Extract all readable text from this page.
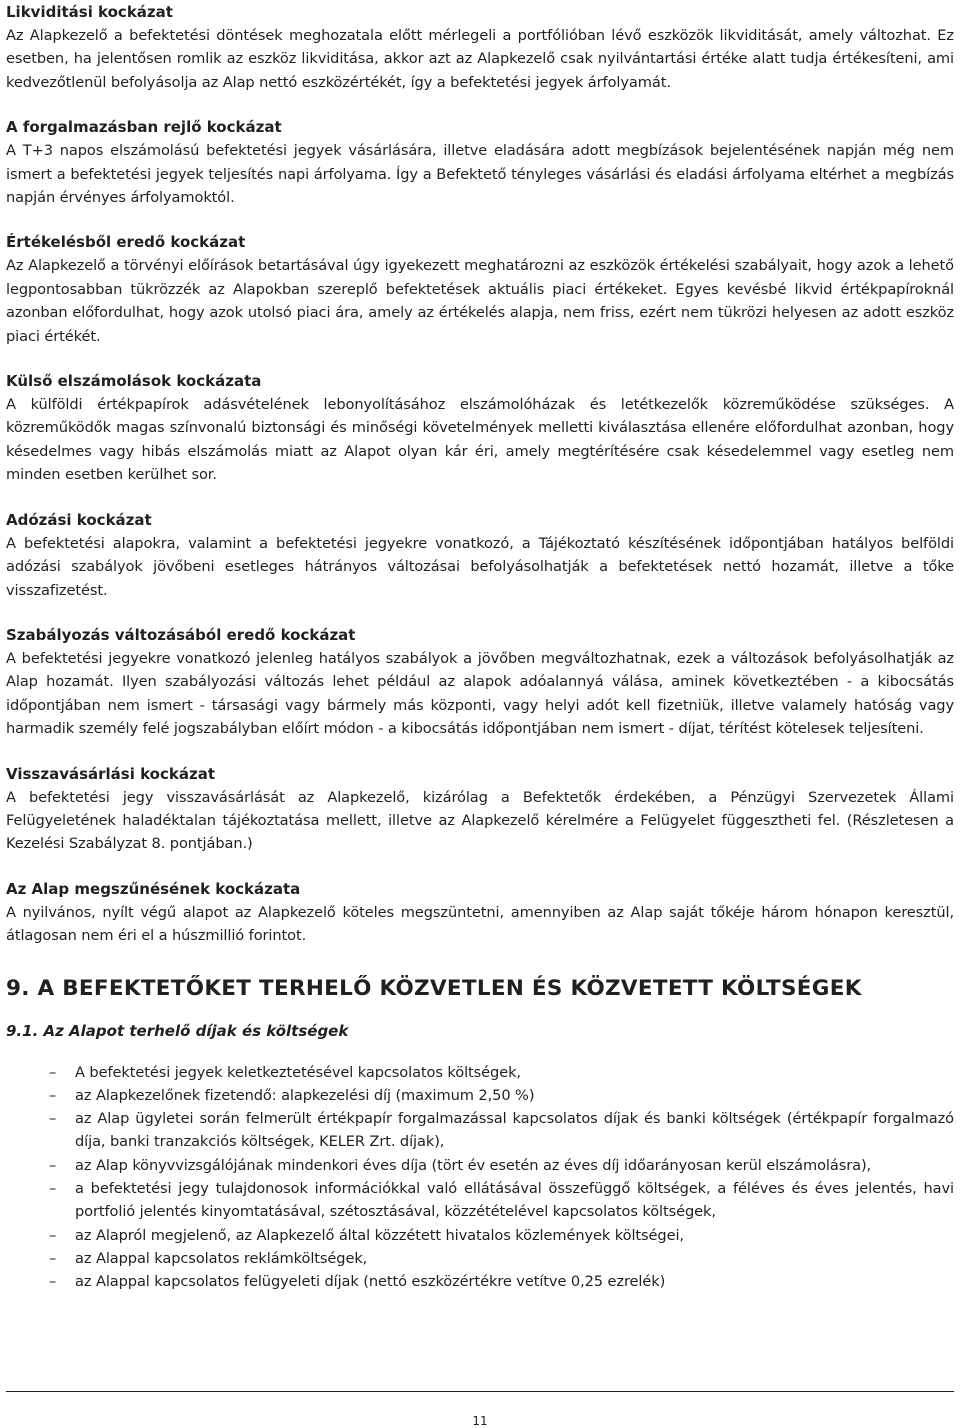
Likviditási kockázat

Az Alapkezelő a befektetési döntések meghozatala előtt mérlegeli a portfólióban lévő eszközök likviditását, amely változhat. Ez esetben, ha jelentősen romlik az eszköz likviditása, akkor azt az Alapkezelő csak nyilvántartási értéke alatt tudja értékesíteni, ami kedvezőtlenül befolyásolja az Alap nettó eszközértékét, így a befektetési jegyek árfolyamát.

A forgalmazásban rejlő kockázat

A T+3 napos elszámolású befektetési jegyek vásárlására, illetve eladására adott megbízások bejelentésének napján még nem ismert a befektetési jegyek teljesítés napi árfolyama. Így a Befektető tényleges vásárlási és eladási árfolyama eltérhet a megbízás napján érvényes árfolyamoktól.

Értékelésből eredő kockázat

Az Alapkezelő a törvényi előírások betartásával úgy igyekezett meghatározni az eszközök értékelési szabályait, hogy azok a lehető legpontosabban tükrözzék az Alapokban szereplő befektetések aktuális piaci értékeket. Egyes kevésbé likvid értékpapíroknál azonban előfordulhat, hogy azok utolsó piaci ára, amely az értékelés alapja, nem friss, ezért nem tükrözi helyesen az adott eszköz piaci értékét.

Külső elszámolások kockázata

A külföldi értékpapírok adásvételének lebonyolításához elszámolóházak és letétkezelők közreműködése szükséges. A közreműködők magas színvonalú biztonsági és minőségi követelmények melletti kiválasztása ellenére előfordulhat azonban, hogy késedelmes vagy hibás elszámolás miatt az Alapot olyan kár éri, amely megtérítésére csak késedelemmel vagy esetleg nem minden esetben kerülhet sor.

Adózási kockázat

A befektetési alapokra, valamint a befektetési jegyekre vonatkozó, a Tájékoztató készítésének időpontjában hatályos belföldi adózási szabályok jövőbeni esetleges hátrányos változásai befolyásolhatják a befektetések nettó hozamát, illetve a tőke visszafizetést.

Szabályozás változásából eredő kockázat

A befektetési jegyekre vonatkozó jelenleg hatályos szabályok a jövőben megváltozhatnak, ezek a változások befolyásolhatják az Alap hozamát. Ilyen szabályozási változás lehet például az alapok adóalannyá válása, aminek következtében - a kibocsátás időpontjában nem ismert - társasági vagy bármely más központi, vagy helyi adót kell fizetniük, illetve valamely hatóság vagy harmadik személy felé jogszabályban előírt módon - a kibocsátás időpontjában nem ismert - díjat, térítést kötelesek teljesíteni.

Visszavásárlási kockázat

A befektetési jegy visszavásárlását az Alapkezelő, kizárólag a Befektetők érdekében, a Pénzügyi Szervezetek Állami Felügyeletének haladéktalan tájékoztatása mellett, illetve az Alapkezelő kérelmére a Felügyelet függesztheti fel. (Részletesen a Kezelési Szabályzat 8. pontjában.)

Az Alap megszűnésének kockázata

A nyilvános, nyílt végű alapot az Alapkezelő köteles megszüntetni, amennyiben az Alap saját tőkéje három hónapon keresztül, átlagosan nem éri el a húszmillió forintot.

9. A BEFEKTETŐKET TERHELŐ KÖZVETLEN ÉS KÖZVETETT KÖLTSÉGEK
9.1. Az Alapot terhelő díjak és költségek
– A befektetési jegyek keletkeztetésével kapcsolatos költségek,
– az Alapkezelőnek fizetendő: alapkezelési díj (maximum 2,50 %)
– az Alap ügyletei során felmerült értékpapír forgalmazással kapcsolatos díjak és banki költségek (értékpapír forgalmazó díja, banki tranzakciós költségek, KELER Zrt. díjak),
– az Alap könyvvizsgálójának mindenkori éves díja (tört év esetén az éves díj időarányosan kerül elszámolásra),
– a befektetési jegy tulajdonosok információkkal való ellátásával összefüggő költségek, a féléves és éves jelentés, havi portfolió jelentés kinyomtatásával, szétosztásával, közzétételével kapcsolatos költségek,
– az Alapról megjelenő, az Alapkezelő által közzétett hivatalos közlemények költségei,
– az Alappal kapcsolatos reklámköltségek,
– az Alappal kapcsolatos felügyeleti díjak (nettó eszközértékre vetítve 0,25 ezrelék)
11
